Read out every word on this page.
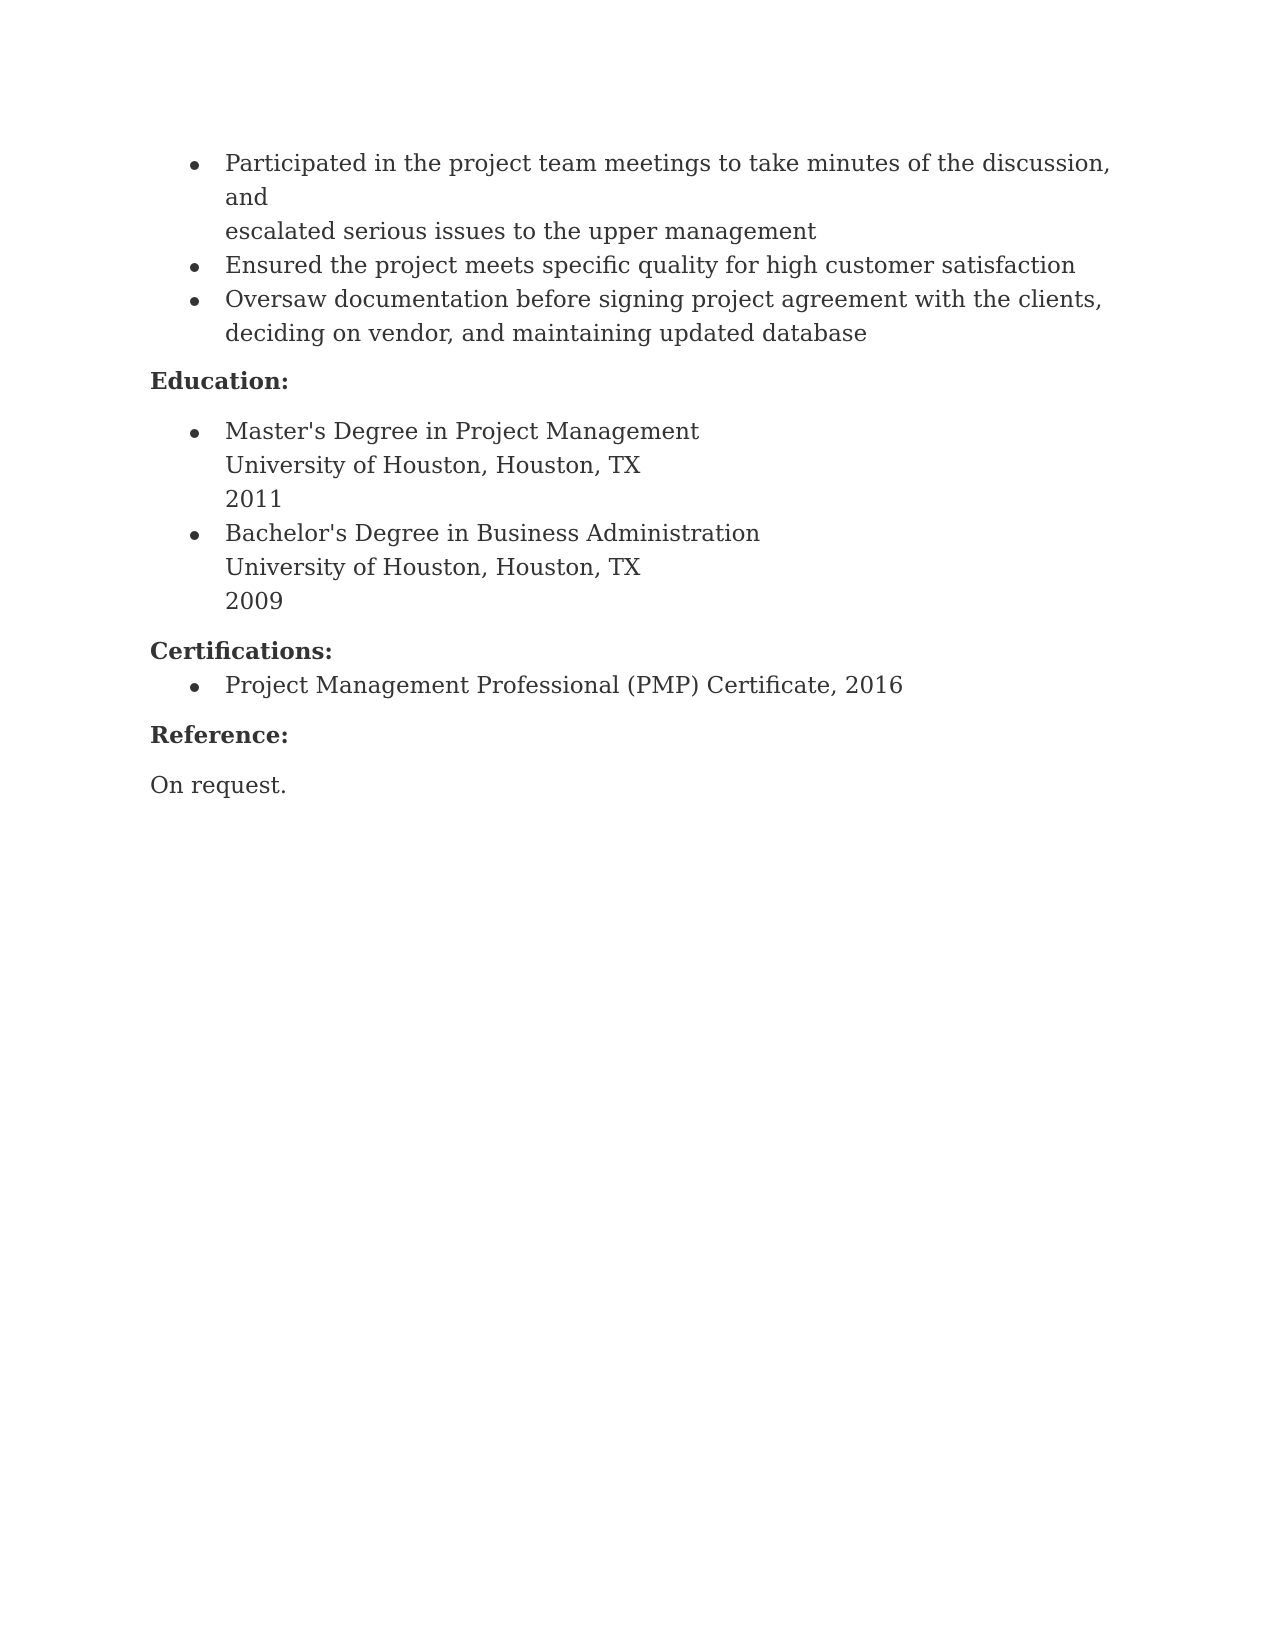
Participated in the project team meetings to take minutes of the discussion, and
escalated serious issues to the upper management
Ensured the project meets specific quality for high customer satisfaction
Oversaw documentation before signing project agreement with the clients,
deciding on vendor, and maintaining updated database

Education:

Master's Degree in Project Management
University of Houston, Houston, TX
2011
Bachelor's Degree in Business Administration
University of Houston, Houston, TX
2009

Certifications:

Project Management Professional (PMP) Certificate, 2016

Reference:

On request.
